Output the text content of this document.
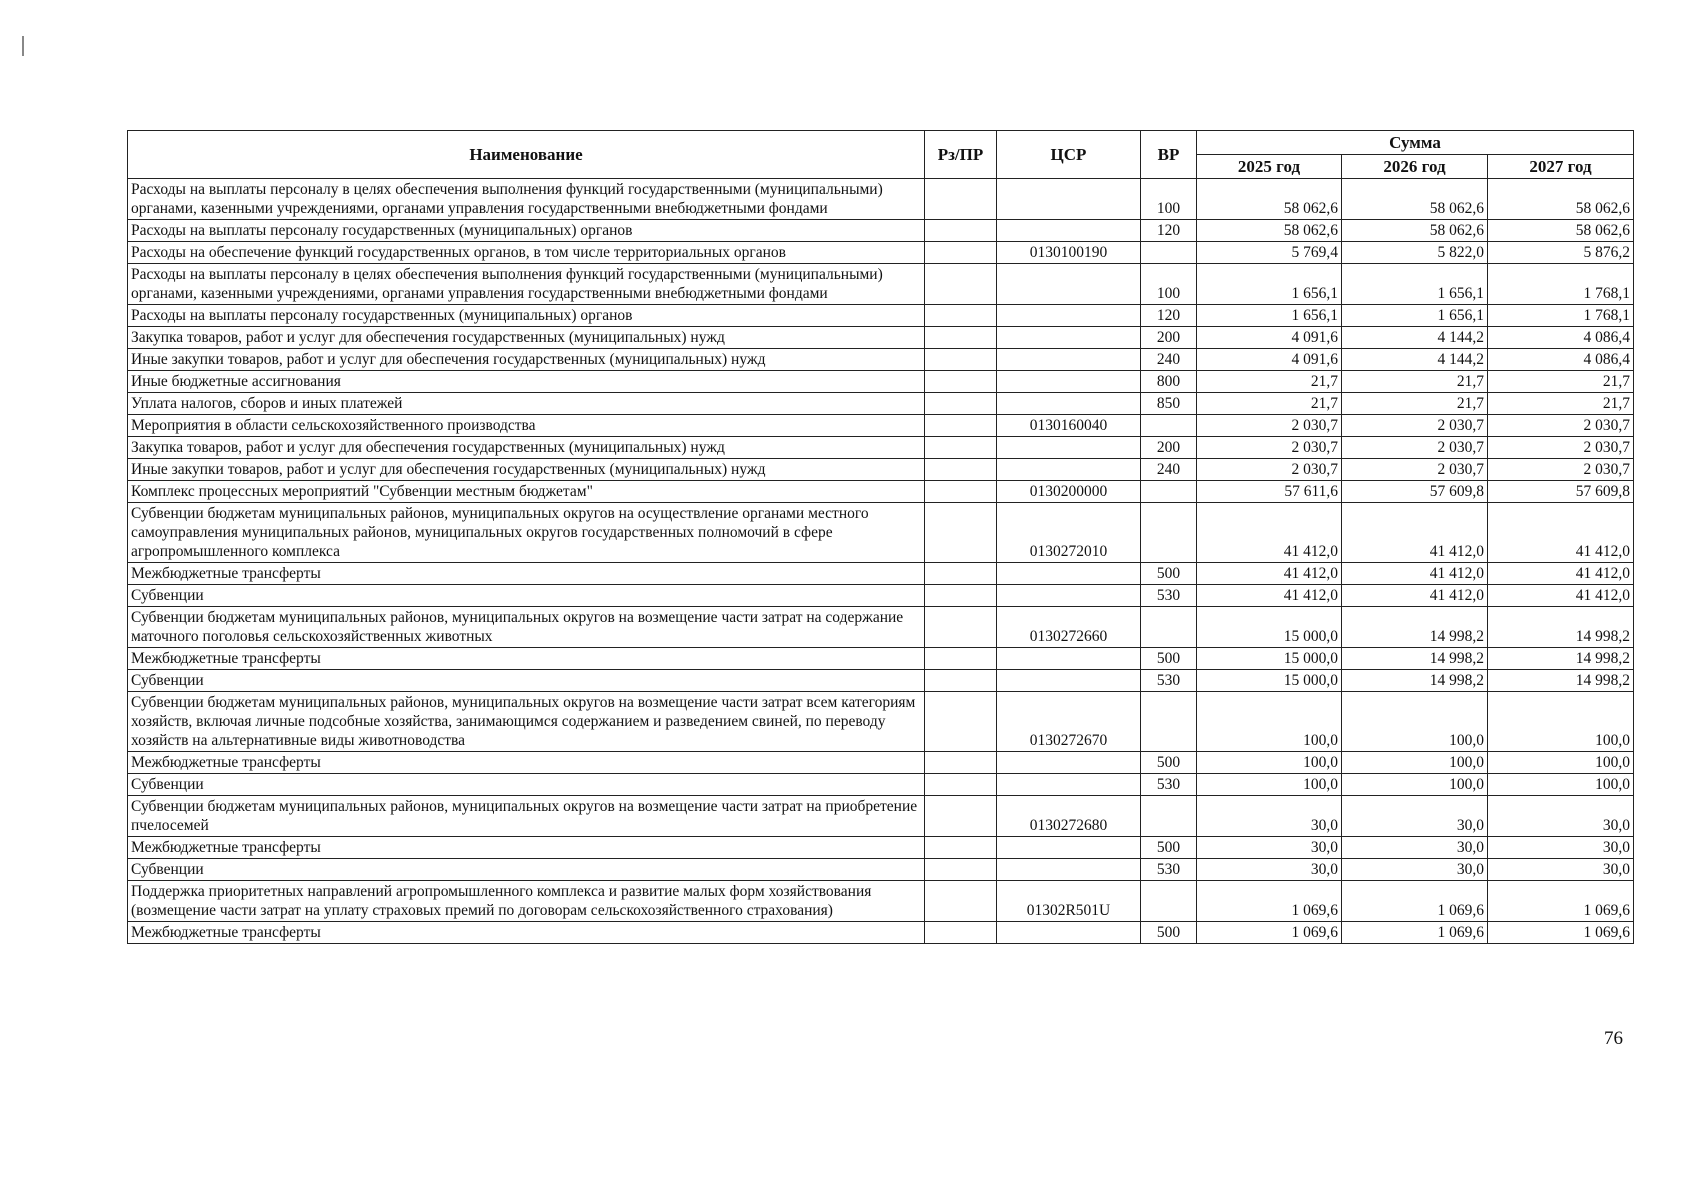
Наименование	Рз/ПР	ЦСР	ВР	Сумма		
				2025 год	2026 год	2027 год
Расходы на выплаты персоналу в целях обеспечения выполнения функций государственными (муниципальными) органами, казенными учреждениями, органами управления государственными внебюджетными фондами			100	58 062,6	58 062,6	58 062,6
Расходы на выплаты персоналу государственных (муниципальных) органов			120	58 062,6	58 062,6	58 062,6
Расходы на обеспечение функций государственных органов, в том числе территориальных органов		0130100190		5 769,4	5 822,0	5 876,2
Расходы на выплаты персоналу в целях обеспечения выполнения функций государственными (муниципальными) органами, казенными учреждениями, органами управления государственными внебюджетными фондами			100	1 656,1	1 656,1	1 768,1
Расходы на выплаты персоналу государственных (муниципальных) органов			120	1 656,1	1 656,1	1 768,1
Закупка товаров, работ и услуг для обеспечения государственных (муниципальных) нужд			200	4 091,6	4 144,2	4 086,4
Иные закупки товаров, работ и услуг для обеспечения государственных (муниципальных) нужд			240	4 091,6	4 144,2	4 086,4
Иные бюджетные ассигнования			800	21,7	21,7	21,7
Уплата налогов, сборов и иных платежей			850	21,7	21,7	21,7
Мероприятия в области сельскохозяйственного производства		0130160040		2 030,7	2 030,7	2 030,7
Закупка товаров, работ и услуг для обеспечения государственных (муниципальных) нужд			200	2 030,7	2 030,7	2 030,7
Иные закупки товаров, работ и услуг для обеспечения государственных (муниципальных) нужд			240	2 030,7	2 030,7	2 030,7
Комплекс процессных мероприятий "Субвенции местным бюджетам"		0130200000		57 611,6	57 609,8	57 609,8
Субвенции бюджетам муниципальных районов, муниципальных округов на осуществление органами местного самоуправления муниципальных районов, муниципальных округов государственных полномочий в сфере агропромышленного комплекса		0130272010		41 412,0	41 412,0	41 412,0
Межбюджетные трансферты			500	41 412,0	41 412,0	41 412,0
Субвенции			530	41 412,0	41 412,0	41 412,0
Субвенции бюджетам муниципальных районов, муниципальных округов на возмещение части затрат на содержание маточного поголовья сельскохозяйственных животных		0130272660		15 000,0	14 998,2	14 998,2
Межбюджетные трансферты			500	15 000,0	14 998,2	14 998,2
Субвенции			530	15 000,0	14 998,2	14 998,2
Субвенции бюджетам муниципальных районов, муниципальных округов на возмещение части затрат всем категориям хозяйств, включая личные подсобные хозяйства, занимающимся содержанием и разведением свиней, по переводу хозяйств на альтернативные виды животноводства		0130272670		100,0	100,0	100,0
Межбюджетные трансферты			500	100,0	100,0	100,0
Субвенции			530	100,0	100,0	100,0
Субвенции бюджетам муниципальных районов, муниципальных округов на возмещение части затрат на приобретение пчелосемей		0130272680		30,0	30,0	30,0
Межбюджетные трансферты			500	30,0	30,0	30,0
Субвенции			530	30,0	30,0	30,0
Поддержка приоритетных направлений агропромышленного комплекса и развитие малых форм хозяйствования (возмещение части затрат на уплату страховых премий по договорам сельскохозяйственного страхования)		01302R501U		1 069,6	1 069,6	1 069,6
Межбюджетные трансферты			500	1 069,6	1 069,6	1 069,6
76
